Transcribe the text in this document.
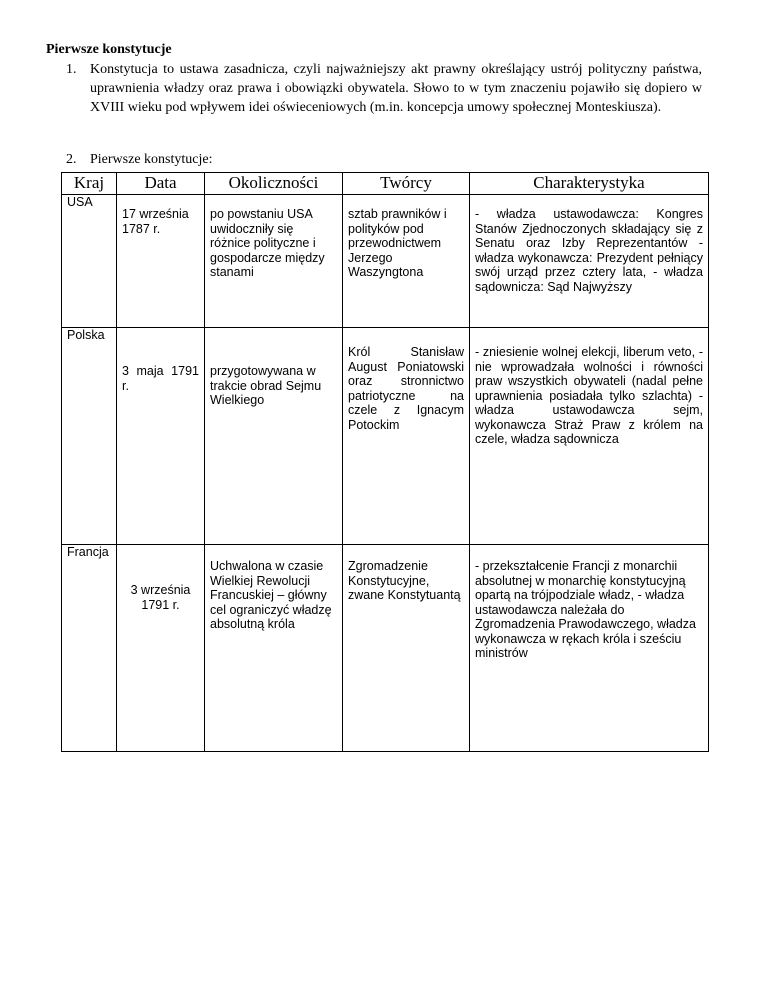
Pierwsze konstytucje
1. Konstytucja to ustawa zasadnicza, czyli najważniejszy akt prawny określający ustrój polityczny państwa, uprawnienia władzy oraz prawa i obowiązki obywatela. Słowo to w tym znaczeniu pojawiło się dopiero w XVIII wieku pod wpływem idei oświeceniowych (m.in. koncepcja umowy społecznej Monteskiusza).
2. Pierwsze konstytucje:
Kraj	Data	Okoliczności	Twórcy	Charakterystyka
USA	17 września 1787 r.	po powstaniu USA uwidoczniły się różnice polityczne i gospodarcze między stanami	sztab prawników i polityków pod przewodnictwem Jerzego Waszyngtona	- władza ustawodawcza: Kongres Stanów Zjednoczonych składający się z Senatu oraz Izby Reprezentantów - władza wykonawcza: Prezydent pełniący swój urząd przez cztery lata, - władza sądownicza: Sąd Najwyższy
Polska	3 maja 1791 r.	przygotowywana w trakcie obrad Sejmu Wielkiego	Król Stanisław August Poniatowski oraz stronnictwo patriotyczne na czele z Ignacym Potockim	- zniesienie wolnej elekcji, liberum veto, - nie wprowadzała wolności i równości praw wszystkich obywateli (nadal pełne uprawnienia posiadała tylko szlachta) - władza ustawodawcza sejm, wykonawcza Straż Praw z królem na czele, władza sądownicza
Francja	3 września 1791 r.	Uchwalona w czasie Wielkiej Rewolucji Francuskiej – główny cel ograniczyć władzę absolutną króla	Zgromadzenie Konstytucyjne, zwane Konstytuantą	- przekształcenie Francji z monarchii absolutnej w monarchię konstytucyjną opartą na trójpodziale władz, - władza ustawodawcza należała do Zgromadzenia Prawodawczego, władza wykonawcza w rękach króla i sześciu ministrów
